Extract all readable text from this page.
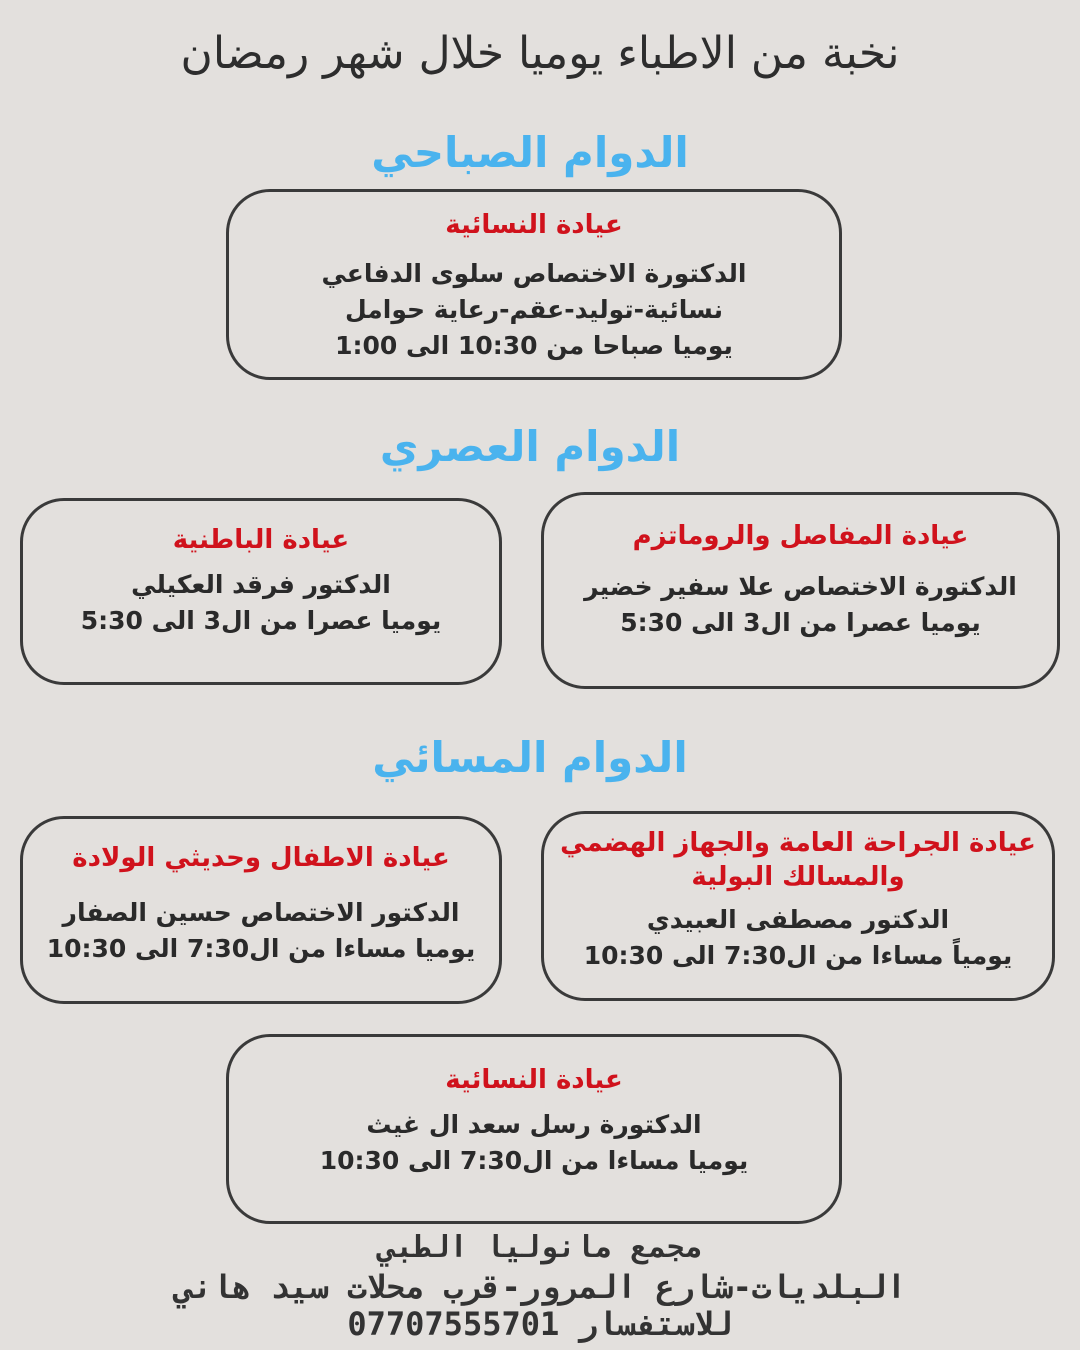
نخبة من الاطباء يوميا خلال شهر رمضان
الدوام الصباحي
عيادة النسائية
الدكتورة الاختصاص سلوى الدفاعي
نسائية-توليد-عقم-رعاية حوامل
يوميا صباحا من 10:30 الى 1:00
الدوام العصري
عيادة المفاصل والروماتزم
الدكتورة الاختصاص علا سفير خضير
يوميا عصرا من ال3 الى 5:30
عيادة الباطنية
الدكتور فرقد العكيلي
يوميا عصرا من ال3 الى 5:30
الدوام المسائي
عيادة الجراحة العامة والجهاز الهضمي
والمسالك البولية
الدكتور مصطفى العبيدي
يومياً مساءا من ال7:30 الى 10:30
عيادة الاطفال وحديثي الولادة
الدكتور الاختصاص حسين الصفار
يوميا مساءا من ال7:30 الى 10:30
عيادة النسائية
الدكتورة رسل سعد ال غيث
يوميا مساءا من ال7:30 الى 10:30
مجمع مانوليا الطبي
البلديات-شارع المرور-قرب محلات سيد هاني
للاستفسار 07707555701
